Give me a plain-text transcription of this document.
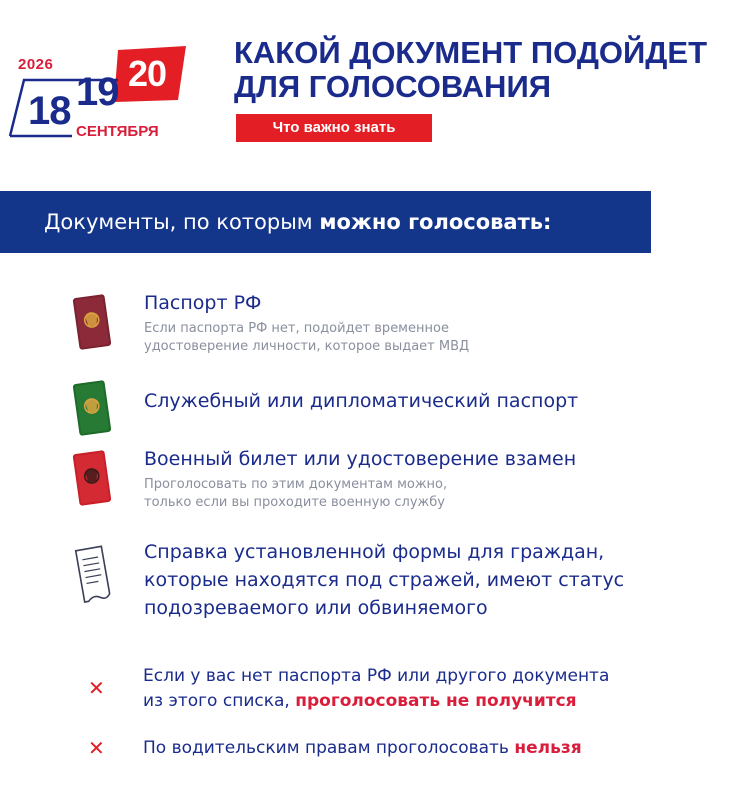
2026
18 19 20
СЕНТЯБРЯ
КАКОЙ ДОКУМЕНТ ПОДОЙДЕТ
ДЛЯ ГОЛОСОВАНИЯ
Что важно знать
Документы, по которым можно голосовать:
Паспорт РФ
Если паспорта РФ нет, подойдет временное
удостоверение личности, которое выдает МВД
Служебный или дипломатический паспорт
Военный билет или удостоверение взамен
Проголосовать по этим документам можно,
только если вы проходите военную службу
Справка установленной формы для граждан,
которые находятся под стражей, имеют статус
подозреваемого или обвиняемого
✕ Если у вас нет паспорта РФ или другого документа
из этого списка, проголосовать не получится
✕ По водительским правам проголосовать нельзя
